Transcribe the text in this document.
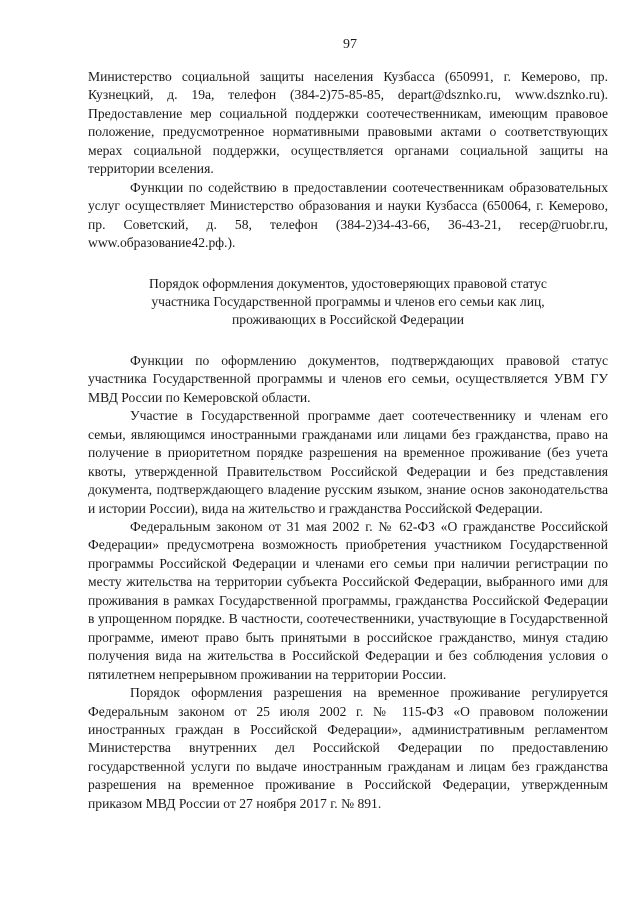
97

Министерство социальной защиты населения Кузбасса (650991, г. Кемерово, пр. Кузнецкий, д. 19а, телефон (384-2)75-85-85, depart@dsznko.ru, www.dsznko.ru). Предоставление мер социальной поддержки соотечественникам, имеющим правовое положение, предусмотренное нормативными правовыми актами о соответствующих мерах социальной поддержки, осуществляется органами социальной защиты на территории вселения.

Функции по содействию в предоставлении соотечественникам образовательных услуг осуществляет Министерство образования и науки Кузбасса (650064, г. Кемерово, пр. Советский, д. 58, телефон (384-2)34-43-66, 36-43-21, recep@ruobr.ru, www.образование42.рф.).

Порядок оформления документов, удостоверяющих правовой статус
участника Государственной программы и членов его семьи как лиц,
проживающих в Российской Федерации

Функции по оформлению документов, подтверждающих правовой статус участника Государственной программы и членов его семьи, осуществляется УВМ ГУ МВД России по Кемеровской области.

Участие в Государственной программе дает соотечественнику и членам его семьи, являющимся иностранными гражданами или лицами без гражданства, право на получение в приоритетном порядке разрешения на временное проживание (без учета квоты, утвержденной Правительством Российской Федерации и без представления документа, подтверждающего владение русским языком, знание основ законодательства и истории России), вида на жительство и гражданства Российской Федерации.

Федеральным законом от 31 мая 2002 г. № 62-ФЗ «О гражданстве Российской Федерации» предусмотрена возможность приобретения участником Государственной программы Российской Федерации и членами его семьи при наличии регистрации по месту жительства на территории субъекта Российской Федерации, выбранного ими для проживания в рамках Государственной программы, гражданства Российской Федерации в упрощенном порядке. В частности, соотечественники, участвующие в Государственной программе, имеют право быть принятыми в российское гражданство, минуя стадию получения вида на жительства в Российской Федерации и без соблюдения условия о пятилетнем непрерывном проживании на территории России.

Порядок оформления разрешения на временное проживание регулируется Федеральным законом от 25 июля 2002 г. № 115-ФЗ «О правовом положении иностранных граждан в Российской Федерации», административным регламентом Министерства внутренних дел Российской Федерации по предоставлению государственной услуги по выдаче иностранным гражданам и лицам без гражданства разрешения на временное проживание в Российской Федерации, утвержденным приказом МВД России от 27 ноября 2017 г. № 891.
